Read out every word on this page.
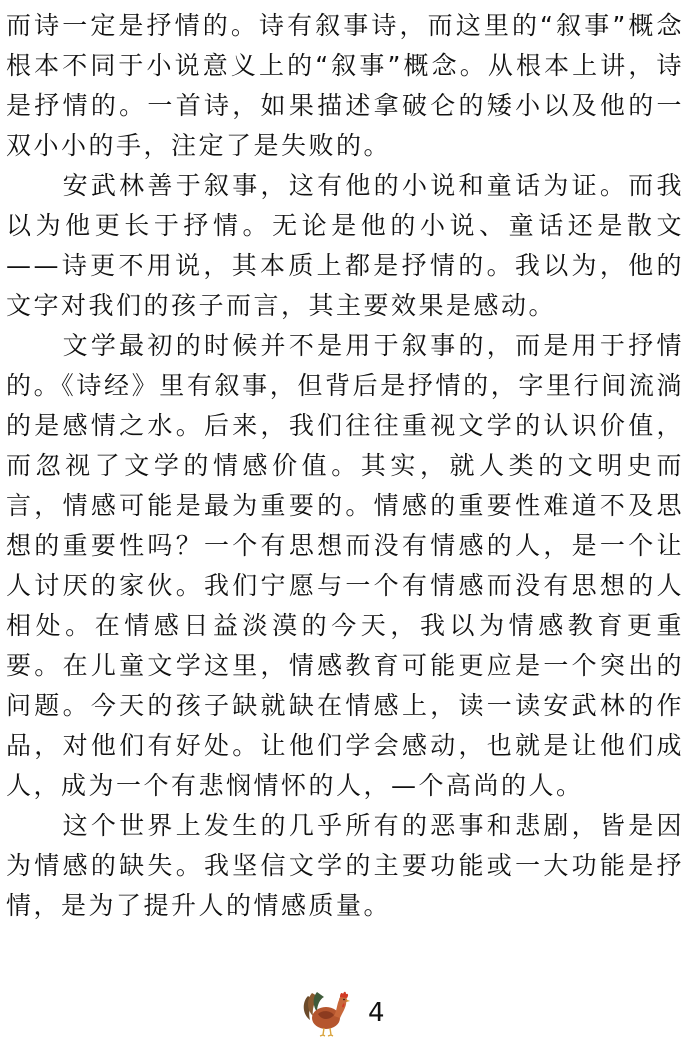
而诗一定是抒情的。诗有叙事诗，而这里的“叙事”概念根本不同于小说意义上的“叙事”概念。从根本上讲，诗是抒情的。一首诗，如果描述拿破仑的矮小以及他的一双小小的手，注定了是失败的。

　　安武林善于叙事，这有他的小说和童话为证。而我以为他更长于抒情。无论是他的小说、童话还是散文——诗更不用说，其本质上都是抒情的。我以为，他的文字对我们的孩子而言，其主要效果是感动。

　　文学最初的时候并不是用于叙事的，而是用于抒情的。《诗经》里有叙事，但背后是抒情的，字里行间流淌的是感情之水。后来，我们往往重视文学的认识价值，而忽视了文学的情感价值。其实，就人类的文明史而言，情感可能是最为重要的。情感的重要性难道不及思想的重要性吗？一个有思想而没有情感的人，是一个让人讨厌的家伙。我们宁愿与一个有情感而没有思想的人相处。在情感日益淡漠的今天，我以为情感教育更重要。在儿童文学这里，情感教育可能更应是一个突出的问题。今天的孩子缺就缺在情感上，读一读安武林的作品，对他们有好处。让他们学会感动，也就是让他们成人，成为一个有悲悯情怀的人，—个高尚的人。

　　这个世界上发生的几乎所有的恶事和悲剧，皆是因为情感的缺失。我坚信文学的主要功能或一大功能是抒情，是为了提升人的情感质量。

4
